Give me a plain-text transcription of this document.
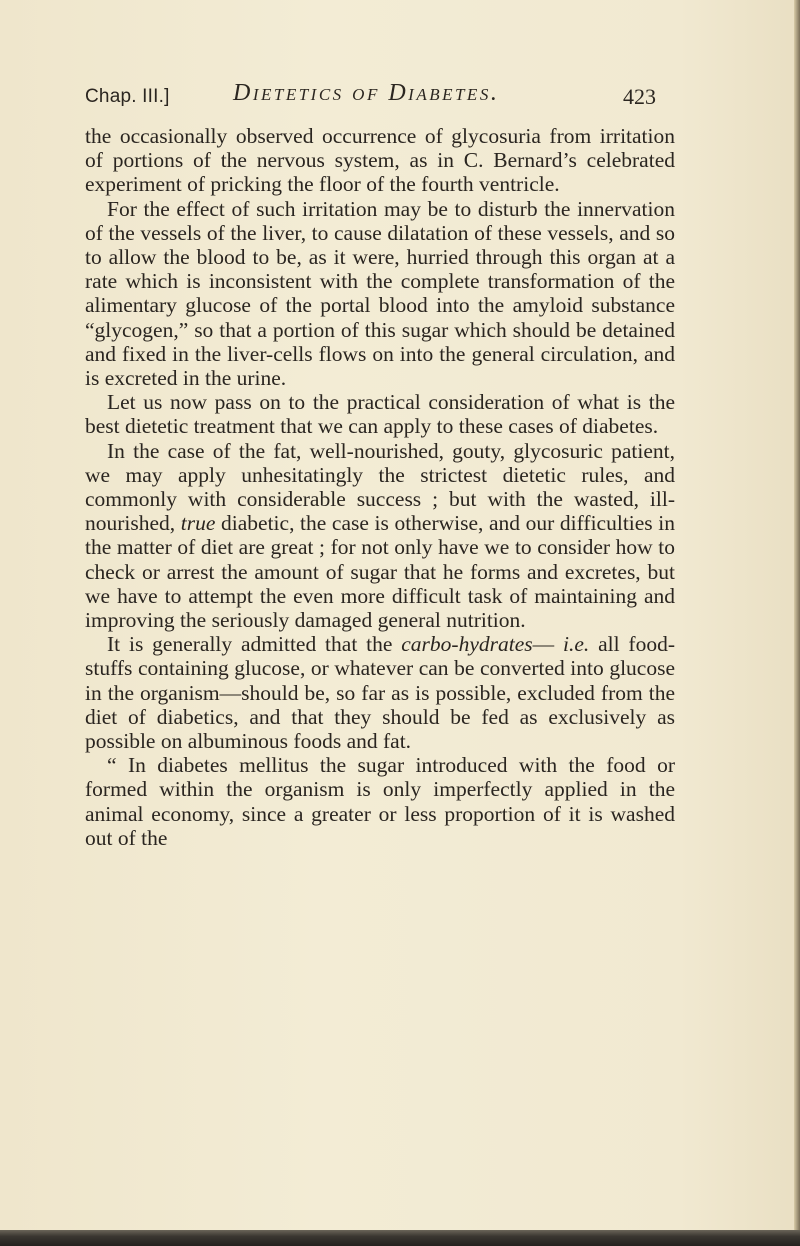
Chap. III.]	Dietetics of Diabetes.	423

the occasionally observed occurrence of glycosuria from irritation of portions of the nervous system, as in C. Bernard’s celebrated experiment of pricking the floor of the fourth ventricle.

For the effect of such irritation may be to disturb the innervation of the vessels of the liver, to cause dilatation of these vessels, and so to allow the blood to be, as it were, hurried through this organ at a rate which is inconsistent with the complete transformation of the alimentary glucose of the portal blood into the amyloid substance “glycogen,” so that a portion of this sugar which should be detained and fixed in the liver-cells flows on into the general circulation, and is excreted in the urine.

Let us now pass on to the practical consideration of what is the best dietetic treatment that we can apply to these cases of diabetes.

In the case of the fat, well-nourished, gouty, glycosuric patient, we may apply unhesitatingly the strictest dietetic rules, and commonly with considerable success ; but with the wasted, ill-nourished, true diabetic, the case is otherwise, and our difficulties in the matter of diet are great ; for not only have we to consider how to check or arrest the amount of sugar that he forms and excretes, but we have to attempt the even more difficult task of maintaining and improving the seriously damaged general nutrition.

It is generally admitted that the carbo-hydrates— i.e. all food-stuffs containing glucose, or whatever can be converted into glucose in the organism—should be, so far as is possible, excluded from the diet of diabetics, and that they should be fed as exclusively as possible on albuminous foods and fat.

“ In diabetes mellitus the sugar introduced with the food or formed within the organism is only imperfectly applied in the animal economy, since a greater or less proportion of it is washed out of the
